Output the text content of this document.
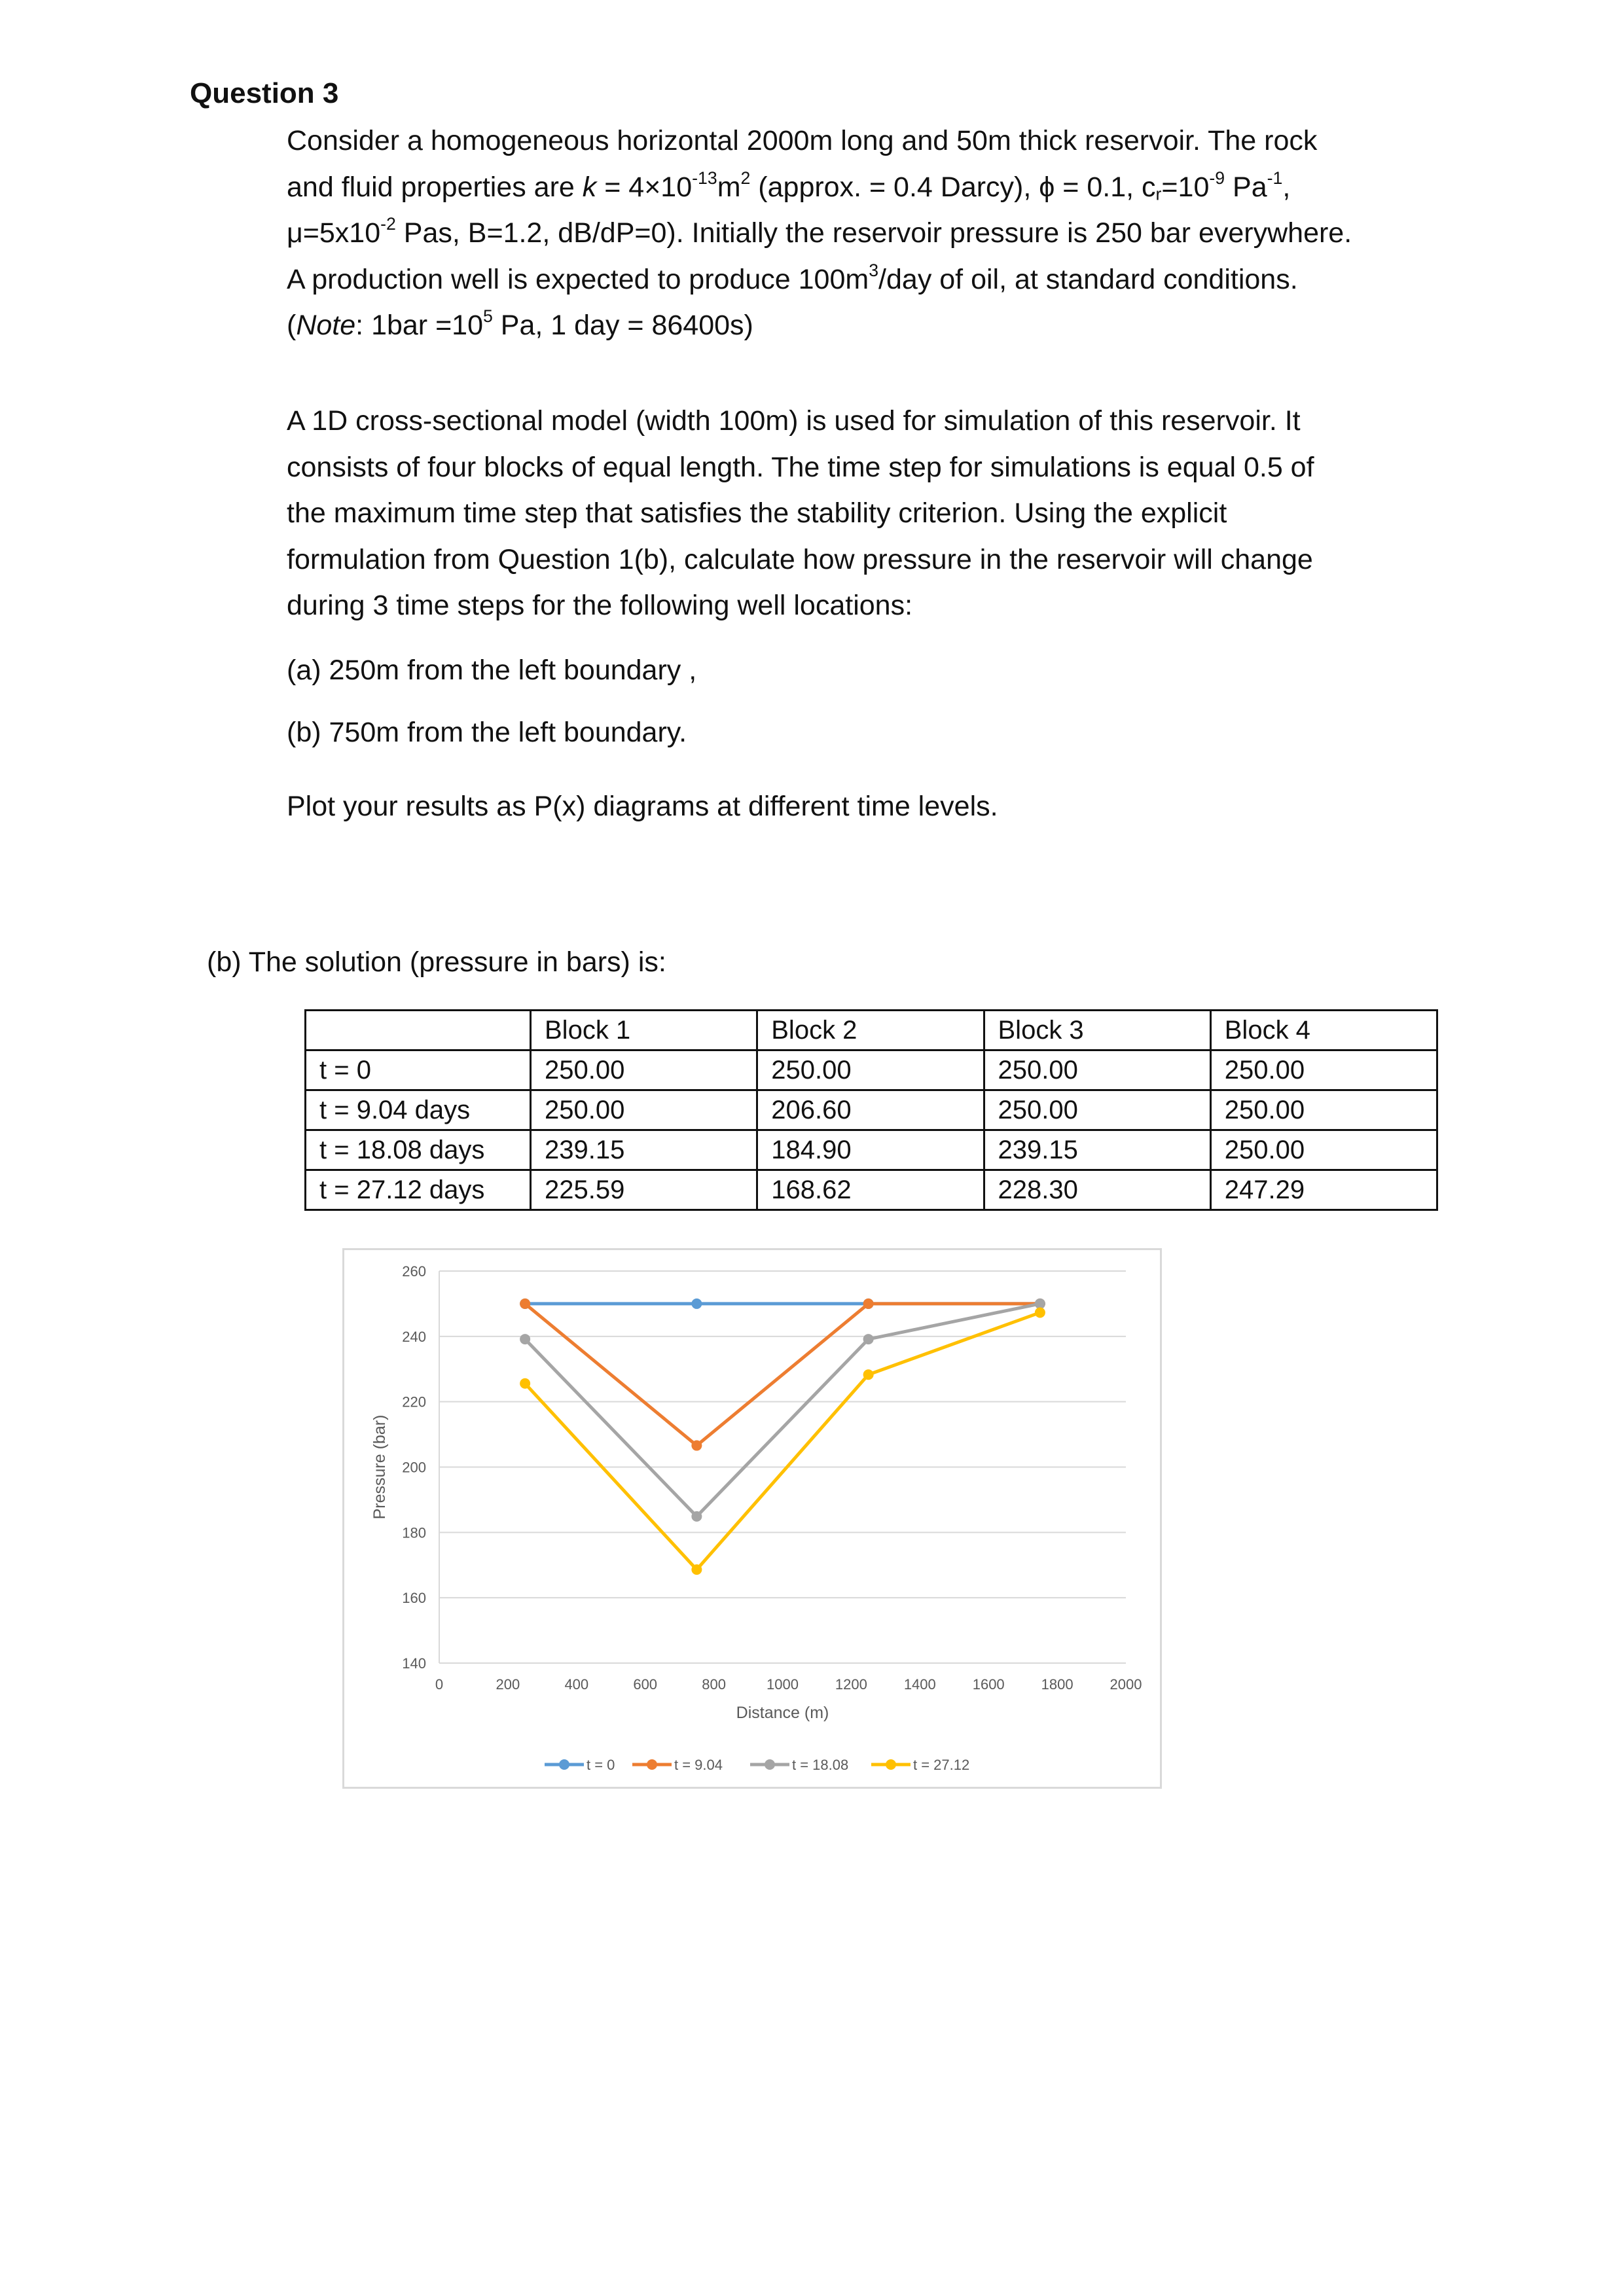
Question 3
Consider a homogeneous horizontal 2000m long and 50m thick reservoir. The rock
and fluid properties are $k = 4\times 10^{-13}m^2$ (approx. = 0.4 Darcy), ϕ = 0.1, $c_r=10^{-9}$ $Pa^{-1}$,
$\mu=5x10^{-2}$ Pas, B=1.2, dB/dP=0). Initially the reservoir pressure is 250 bar everywhere.
A production well is expected to produce $100m^3$/day of oil, at standard conditions.
(Note: $1bar =10^5$ Pa, 1 day = 86400s)
A 1D cross-sectional model (width 100m) is used for simulation of this reservoir. It
consists of four blocks of equal length. The time step for simulations is equal 0.5 of
the maximum time step that satisfies the stability criterion. Using the explicit
formulation from Question 1(b), calculate how pressure in the reservoir will change
during 3 time steps for the following well locations:
(a) 250m from the left boundary ,
(b) 750m from the left boundary.
Plot your results as P(x) diagrams at different time levels.
(b) The solution (pressure in bars) is:
	Block 1	Block 2	Block 3	Block 4
t = 0	250.00	250.00	250.00	250.00
t = 9.04 days	250.00	206.60	250.00	250.00
t = 18.08 days	239.15	184.90	239.15	250.00
t = 27.12 days	225.59	168.62	228.30	247.29
140
160
180
200
220
240
260
0	200	400	600	800	1000	1200	1400	1600	1800	2000
Distance (m)
Pressure (bar)
t = 0	t = 9.04	t = 18.08	t = 27.12
